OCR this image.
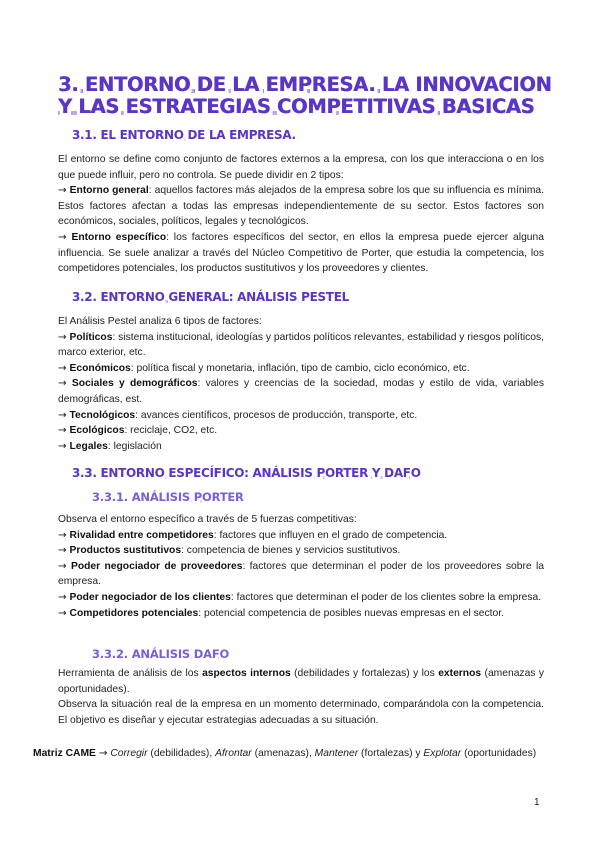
3. ENTORNO DE LA EMPRESA. LA INNOVACION Y LAS ESTRATEGIAS COMPETITIVAS BASICAS
3.1. EL ENTORNO DE LA EMPRESA.
El entorno se define como conjunto de factores externos a la empresa, con los que interacciona o en los que puede influir, pero no controla. Se puede dividir en 2 tipos:
→ Entorno general: aquellos factores más alejados de la empresa sobre los que su influencia es mínima. Estos factores afectan a todas las empresas independientemente de su sector. Estos factores son económicos, sociales, políticos, legales y tecnológicos.
→ Entorno específico: los factores específicos del sector, en ellos la empresa puede ejercer alguna influencia. Se suele analizar a través del Núcleo Competitivo de Porter, que estudia la competencia, los competidores potenciales, los productos sustitutivos y los proveedores y clientes.
3.2. ENTORNO GENERAL: ANÁLISIS PESTEL
El Análisis Pestel analiza 6 tipos de factores:
→ Políticos: sistema institucional, ideologías y partidos políticos relevantes, estabilidad y riesgos políticos, marco exterior, etc.
→ Económicos: política fiscal y monetaria, inflación, tipo de cambio, ciclo económico, etc.
→ Sociales y demográficos: valores y creencias de la sociedad, modas y estilo de vida, variables demográficas, est.
→ Tecnológicos: avances científicos, procesos de producción, transporte, etc.
→ Ecológicos: reciclaje, CO2, etc.
→ Legales: legislación
3.3. ENTORNO ESPECÍFICO: ANÁLISIS PORTER Y DAFO
3.3.1. ANÁLISIS PORTER
Observa el entorno específico a través de 5 fuerzas competitivas:
→ Rivalidad entre competidores: factores que influyen en el grado de competencia.
→ Productos sustitutivos: competencia de bienes y servicios sustitutivos.
→ Poder negociador de proveedores: factores que determinan el poder de los proveedores sobre la empresa.
→ Poder negociador de los clientes: factores que determinan el poder de los clientes sobre la empresa.
→ Competidores potenciales: potencial competencia de posibles nuevas empresas en el sector.
3.3.2. ANÁLISIS DAFO
Herramienta de análisis de los aspectos internos (debilidades y fortalezas) y los externos (amenazas y oportunidades).
Observa la situación real de la empresa en un momento determinado, comparándola con la competencia. El objetivo es diseñar y ejecutar estrategias adecuadas a su situación.

Matriz CAME → Corregir (debilidades), Afrontar (amenazas), Mantener (fortalezas) y Explotar (oportunidades)

1
